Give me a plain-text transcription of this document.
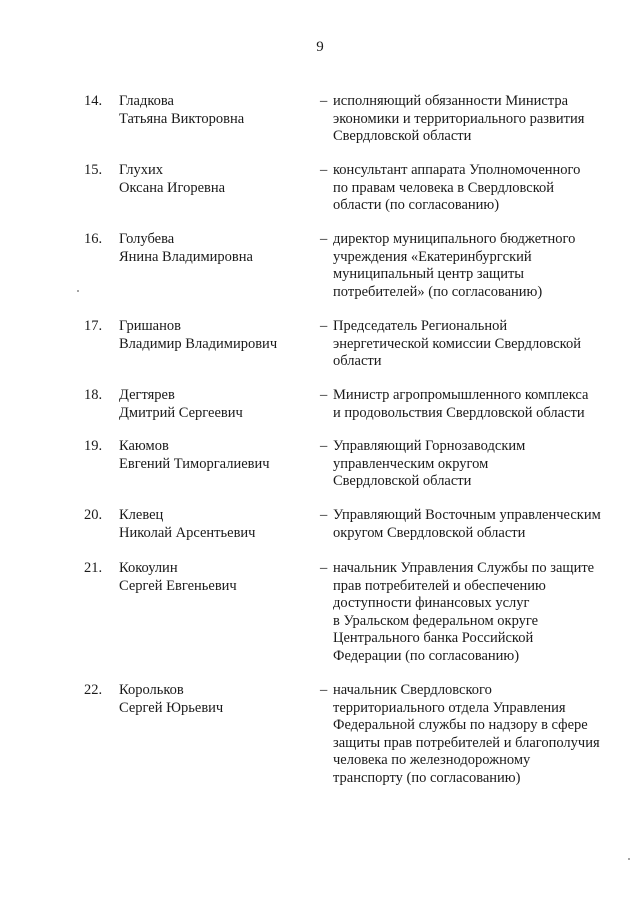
9
14.	Гладкова
Татьяна Викторовна
– исполняющий обязанности Министра
экономики и территориального развития
Свердловской области
15.	Глухих
Оксана Игоревна
– консультант аппарата Уполномоченного
по правам человека в Свердловской
области (по согласованию)
16.	Голубева
Янина Владимировна
– директор муниципального бюджетного
учреждения «Екатеринбургский
муниципальный центр защиты
потребителей» (по согласованию)
17.	Гришанов
Владимир Владимирович
– Председатель Региональной
энергетической комиссии Свердловской
области
18.	Дегтярев
Дмитрий Сергеевич
– Министр агропромышленного комплекса
и продовольствия Свердловской области
19.	Каюмов
Евгений Тиморгалиевич
– Управляющий Горнозаводским
управленческим округом
Свердловской области
20.	Клевец
Николай Арсентьевич
– Управляющий Восточным управленческим
округом Свердловской области
21.	Кокоулин
Сергей Евгеньевич
– начальник Управления Службы по защите
прав потребителей и обеспечению
доступности финансовых услуг
в Уральском федеральном округе
Центрального банка Российской
Федерации (по согласованию)
22.	Корольков
Сергей Юрьевич
– начальник Свердловского
территориального отдела Управления
Федеральной службы по надзору в сфере
защиты прав потребителей и благополучия
человека по железнодорожному
транспорту (по согласованию)
